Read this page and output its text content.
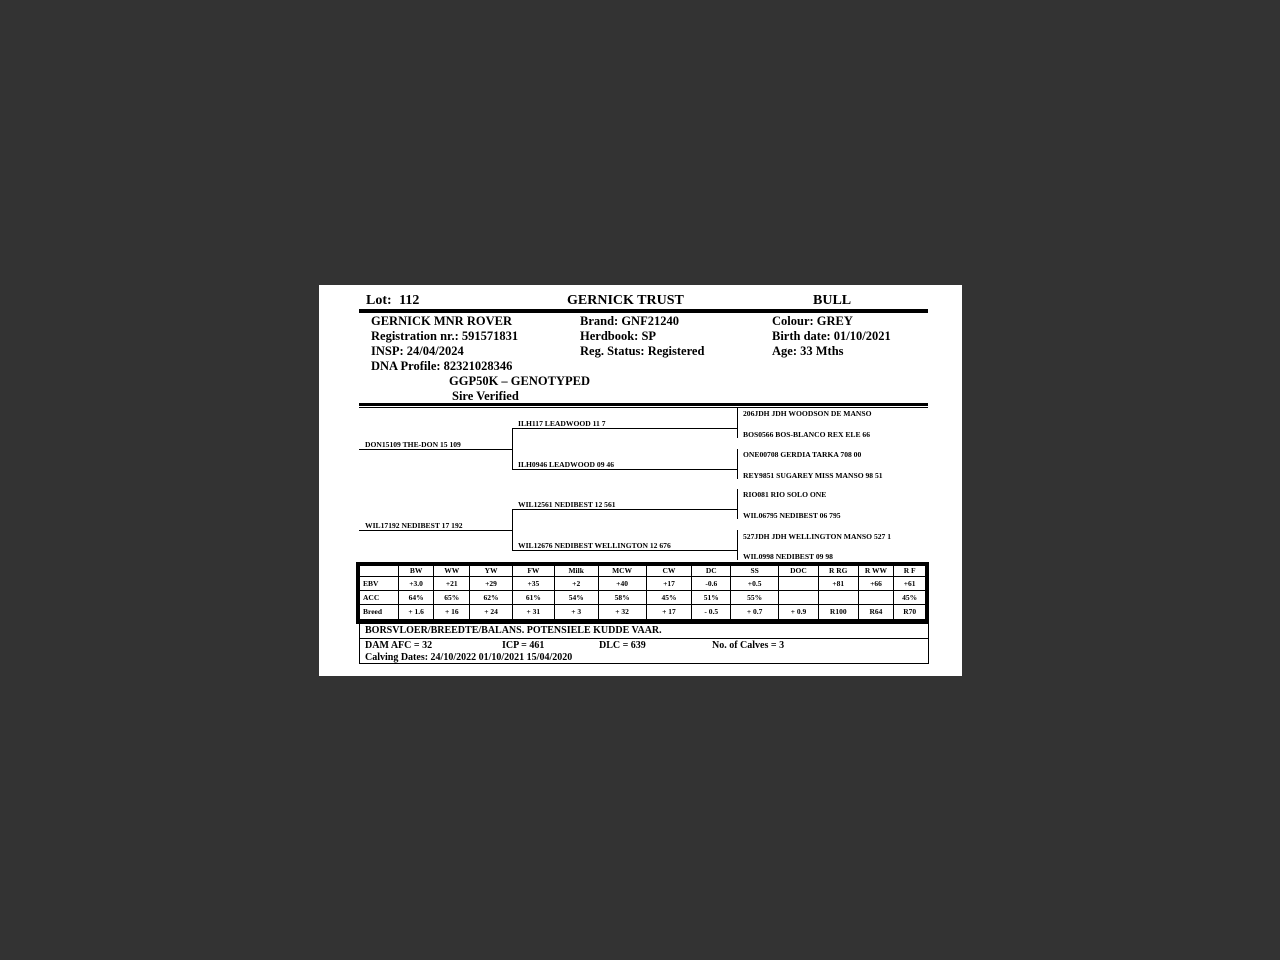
Lot: 112	GERNICK TRUST	BULL
GERNICK MNR ROVER
Registration nr.: 591571831
INSP: 24/04/2024
DNA Profile: 82321028346
GGP50K – GENOTYPED
Sire Verified
Brand: GNF21240
Herdbook: SP
Reg. Status: Registered
Colour: GREY
Birth date: 01/10/2021
Age: 33 Mths
DON15109 THE-DON 15 109
WIL17192 NEDIBEST 17 192
ILH117 LEADWOOD 11 7
ILH0946 LEADWOOD 09 46
WIL12561 NEDIBEST 12 561
WIL12676 NEDIBEST WELLINGTON 12 676
206JDH JDH WOODSON DE MANSO
BOS0566 BOS-BLANCO REX ELE 66
ONE00708 GERDIA TARKA 708 00
REY9851 SUGAREY MISS MANSO 98 51
RIO081 RIO SOLO ONE
WIL06795 NEDIBEST 06 795
527JDH JDH WELLINGTON MANSO 527 1
WIL0998 NEDIBEST 09 98
	BW	WW	YW	FW	Milk	MCW	CW	DC	SS	DOC	R RG	R WW	R F
EBV	+3.0	+21	+29	+35	+2	+40	+17	-0.6	+0.5		+81	+66	+61
ACC	64%	65%	62%	61%	54%	58%	45%	51%	55%				45%
Breed	+ 1.6	+ 16	+ 24	+ 31	+ 3	+ 32	+ 17	- 0.5	+ 0.7	+ 0.9	R100	R64	R70
BORSVLOER/BREEDTE/BALANS. POTENSIELE KUDDE VAAR.
DAM AFC = 32	ICP = 461	DLC = 639	No. of Calves = 3
Calving Dates: 24/10/2022 01/10/2021 15/04/2020
